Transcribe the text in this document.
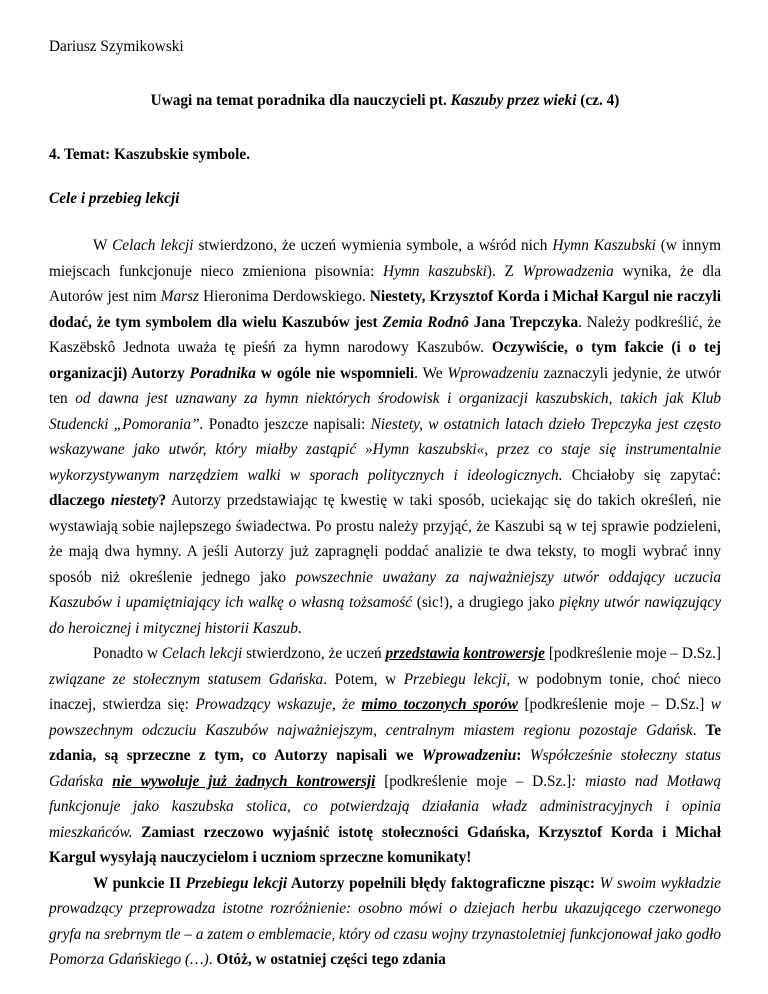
Dariusz Szymikowski
Uwagi na temat poradnika dla nauczycieli pt. Kaszuby przez wieki (cz. 4)
4. Temat: Kaszubskie symbole.
Cele i przebieg lekcji

W Celach lekcji stwierdzono, że uczeń wymienia symbole, a wśród nich Hymn Kaszubski (w innym miejscach funkcjonuje nieco zmieniona pisownia: Hymn kaszubski). Z Wprowadzenia wynika, że dla Autorów jest nim Marsz Hieronima Derdowskiego. Niestety, Krzysztof Korda i Michał Kargul nie raczyli dodać, że tym symbolem dla wielu Kaszubów jest Zemia Rodnô Jana Trepczyka. Należy podkreślić, że Kaszëbskô Jednota uważa tę pieśń za hymn narodowy Kaszubów. Oczywiście, o tym fakcie (i o tej organizacji) Autorzy Poradnika w ogóle nie wspomnieli. We Wprowadzeniu zaznaczyli jedynie, że utwór ten od dawna jest uznawany za hymn niektórych środowisk i organizacji kaszubskich, takich jak Klub Studencki „Pomorania”. Ponadto jeszcze napisali: Niestety, w ostatnich latach dzieło Trepczyka jest często wskazywane jako utwór, który miałby zastąpić »Hymn kaszubski«, przez co staje się instrumentalnie wykorzystywanym narzędziem walki w sporach politycznych i ideologicznych. Chciałoby się zapytać: dlaczego niestety? Autorzy przedstawiając tę kwestię w taki sposób, uciekając się do takich określeń, nie wystawiają sobie najlepszego świadectwa. Po prostu należy przyjąć, że Kaszubi są w tej sprawie podzieleni, że mają dwa hymny. A jeśli Autorzy już zapragnęli poddać analizie te dwa teksty, to mogli wybrać inny sposób niż określenie jednego jako powszechnie uważany za najważniejszy utwór oddający uczucia Kaszubów i upamiętniający ich walkę o własną tożsamość (sic!), a drugiego jako piękny utwór nawiązujący do heroicznej i mitycznej historii Kaszub.

Ponadto w Celach lekcji stwierdzono, że uczeń przedstawia kontrowersje [podkreślenie moje – D.Sz.] związane ze stołecznym statusem Gdańska. Potem, w Przebiegu lekcji, w podobnym tonie, choć nieco inaczej, stwierdza się: Prowadzący wskazuje, że mimo toczonych sporów [podkreślenie moje – D.Sz.] w powszechnym odczuciu Kaszubów najważniejszym, centralnym miastem regionu pozostaje Gdańsk. Te zdania, są sprzeczne z tym, co Autorzy napisali we Wprowadzeniu: Współcześnie stołeczny status Gdańska nie wywołuje już żadnych kontrowersji [podkreślenie moje – D.Sz.]: miasto nad Motławą funkcjonuje jako kaszubska stolica, co potwierdzają działania władz administracyjnych i opinia mieszkańców. Zamiast rzeczowo wyjaśnić istotę stołeczności Gdańska, Krzysztof Korda i Michał Kargul wysyłają nauczycielom i uczniom sprzeczne komunikaty!

W punkcie II Przebiegu lekcji Autorzy popełnili błędy faktograficzne pisząc: W swoim wykładzie prowadzący przeprowadza istotne rozróżnienie: osobno mówi o dziejach herbu ukazującego czerwonego gryfa na srebrnym tle – a zatem o emblemacie, który od czasu wojny trzynastoletniej funkcjonował jako godło Pomorza Gdańskiego (…). Otóż, w ostatniej części tego zdania
